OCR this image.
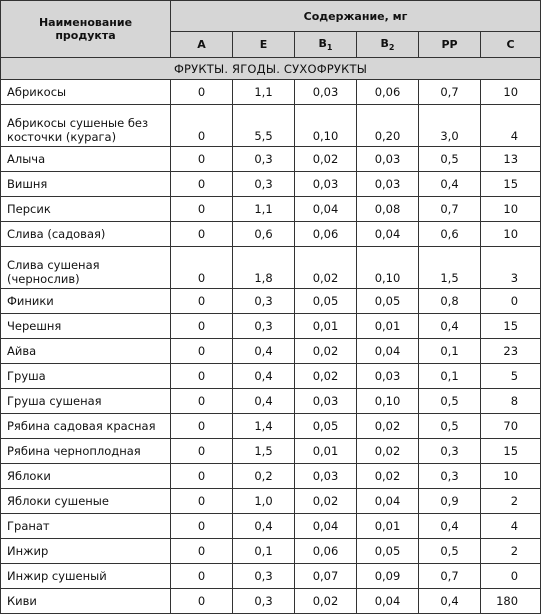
Наименование продукта	Содержание, мг					
	A	E	$B_1$	$B_2$	PP	C
ФРУКТЫ. ЯГОДЫ. СУХОФРУКТЫ						
Абрикосы	0	1,1	0,03	0,06	0,7	10
Абрикосы сушеные без косточки (курага)	0	5,5	0,10	0,20	3,0	4
Алыча	0	0,3	0,02	0,03	0,5	13
Вишня	0	0,3	0,03	0,03	0,4	15
Персик	0	1,1	0,04	0,08	0,7	10
Слива (садовая)	0	0,6	0,06	0,04	0,6	10
Слива сушеная (чернослив)	0	1,8	0,02	0,10	1,5	3
Финики	0	0,3	0,05	0,05	0,8	0
Черешня	0	0,3	0,01	0,01	0,4	15
Айва	0	0,4	0,02	0,04	0,1	23
Груша	0	0,4	0,02	0,03	0,1	5
Груша сушеная	0	0,4	0,03	0,10	0,5	8
Рябина садовая красная	0	1,4	0,05	0,02	0,5	70
Рябина черноплодная	0	1,5	0,01	0,02	0,3	15
Яблоки	0	0,2	0,03	0,02	0,3	10
Яблоки сушеные	0	1,0	0,02	0,04	0,9	2
Гранат	0	0,4	0,04	0,01	0,4	4
Инжир	0	0,1	0,06	0,05	0,5	2
Инжир сушеный	0	0,3	0,07	0,09	0,7	0
Киви	0	0,3	0,02	0,04	0,4	180
